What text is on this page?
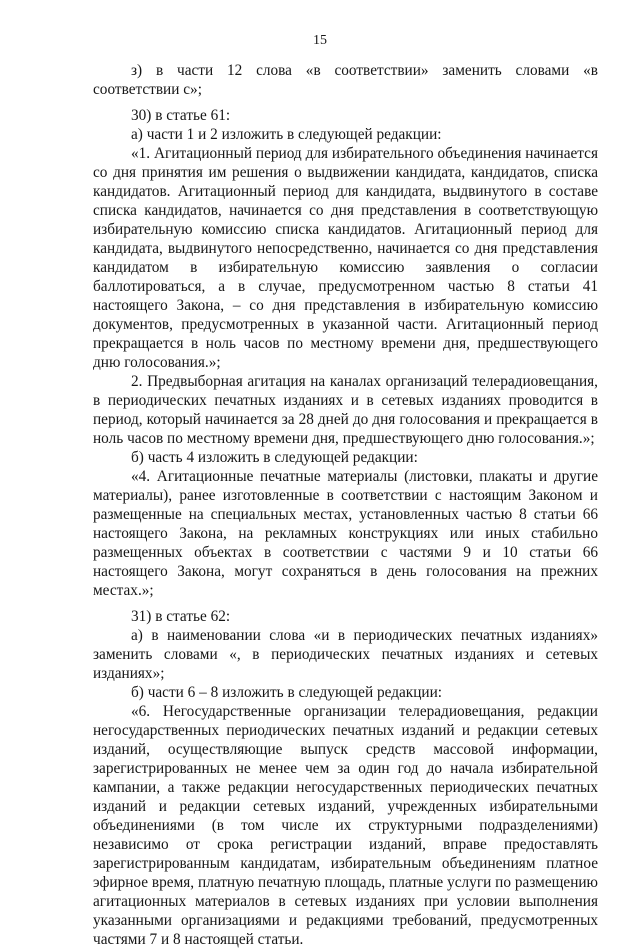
15

з) в части 12 слова «в соответствии» заменить словами «в соответствии с»;

30) в статье 61:

а) части 1 и 2 изложить в следующей редакции:

«1. Агитационный период для избирательного объединения начинается со дня принятия им решения о выдвижении кандидата, кандидатов, списка кандидатов. Агитационный период для кандидата, выдвинутого в составе списка кандидатов, начинается со дня представления в соответствующую избирательную комиссию списка кандидатов. Агитационный период для кандидата, выдвинутого непосредственно, начинается со дня представления кандидатом в избирательную комиссию заявления о согласии баллотироваться, а в случае, предусмотренном частью 8 статьи 41 настоящего Закона, – со дня представления в избирательную комиссию документов, предусмотренных в указанной части. Агитационный период прекращается в ноль часов по местному времени дня, предшествующего дню голосования.»;

2. Предвыборная агитация на каналах организаций телерадиовещания, в периодических печатных изданиях и в сетевых изданиях проводится в период, который начинается за 28 дней до дня голосования и прекращается в ноль часов по местному времени дня, предшествующего дню голосования.»;

б) часть 4 изложить в следующей редакции:

«4. Агитационные печатные материалы (листовки, плакаты и другие материалы), ранее изготовленные в соответствии с настоящим Законом и размещенные на специальных местах, установленных частью 8 статьи 66 настоящего Закона, на рекламных конструкциях или иных стабильно размещенных объектах в соответствии с частями 9 и 10 статьи 66 настоящего Закона, могут сохраняться в день голосования на прежних местах.»;

31) в статье 62:

а) в наименовании слова «и в периодических печатных изданиях» заменить словами «, в периодических печатных изданиях и сетевых изданиях»;

б) части 6 – 8 изложить в следующей редакции:

«6. Негосударственные организации телерадиовещания, редакции негосударственных периодических печатных изданий и редакции сетевых изданий, осуществляющие выпуск средств массовой информации, зарегистрированных не менее чем за один год до начала избирательной кампании, а также редакции негосударственных периодических печатных изданий и редакции сетевых изданий, учрежденных избирательными объединениями (в том числе их структурными подразделениями) независимо от срока регистрации изданий, вправе предоставлять зарегистрированным кандидатам, избирательным объединениям платное эфирное время, платную печатную площадь, платные услуги по размещению агитационных материалов в сетевых изданиях при условии выполнения указанными организациями и редакциями требований, предусмотренных частями 7 и 8 настоящей статьи.
